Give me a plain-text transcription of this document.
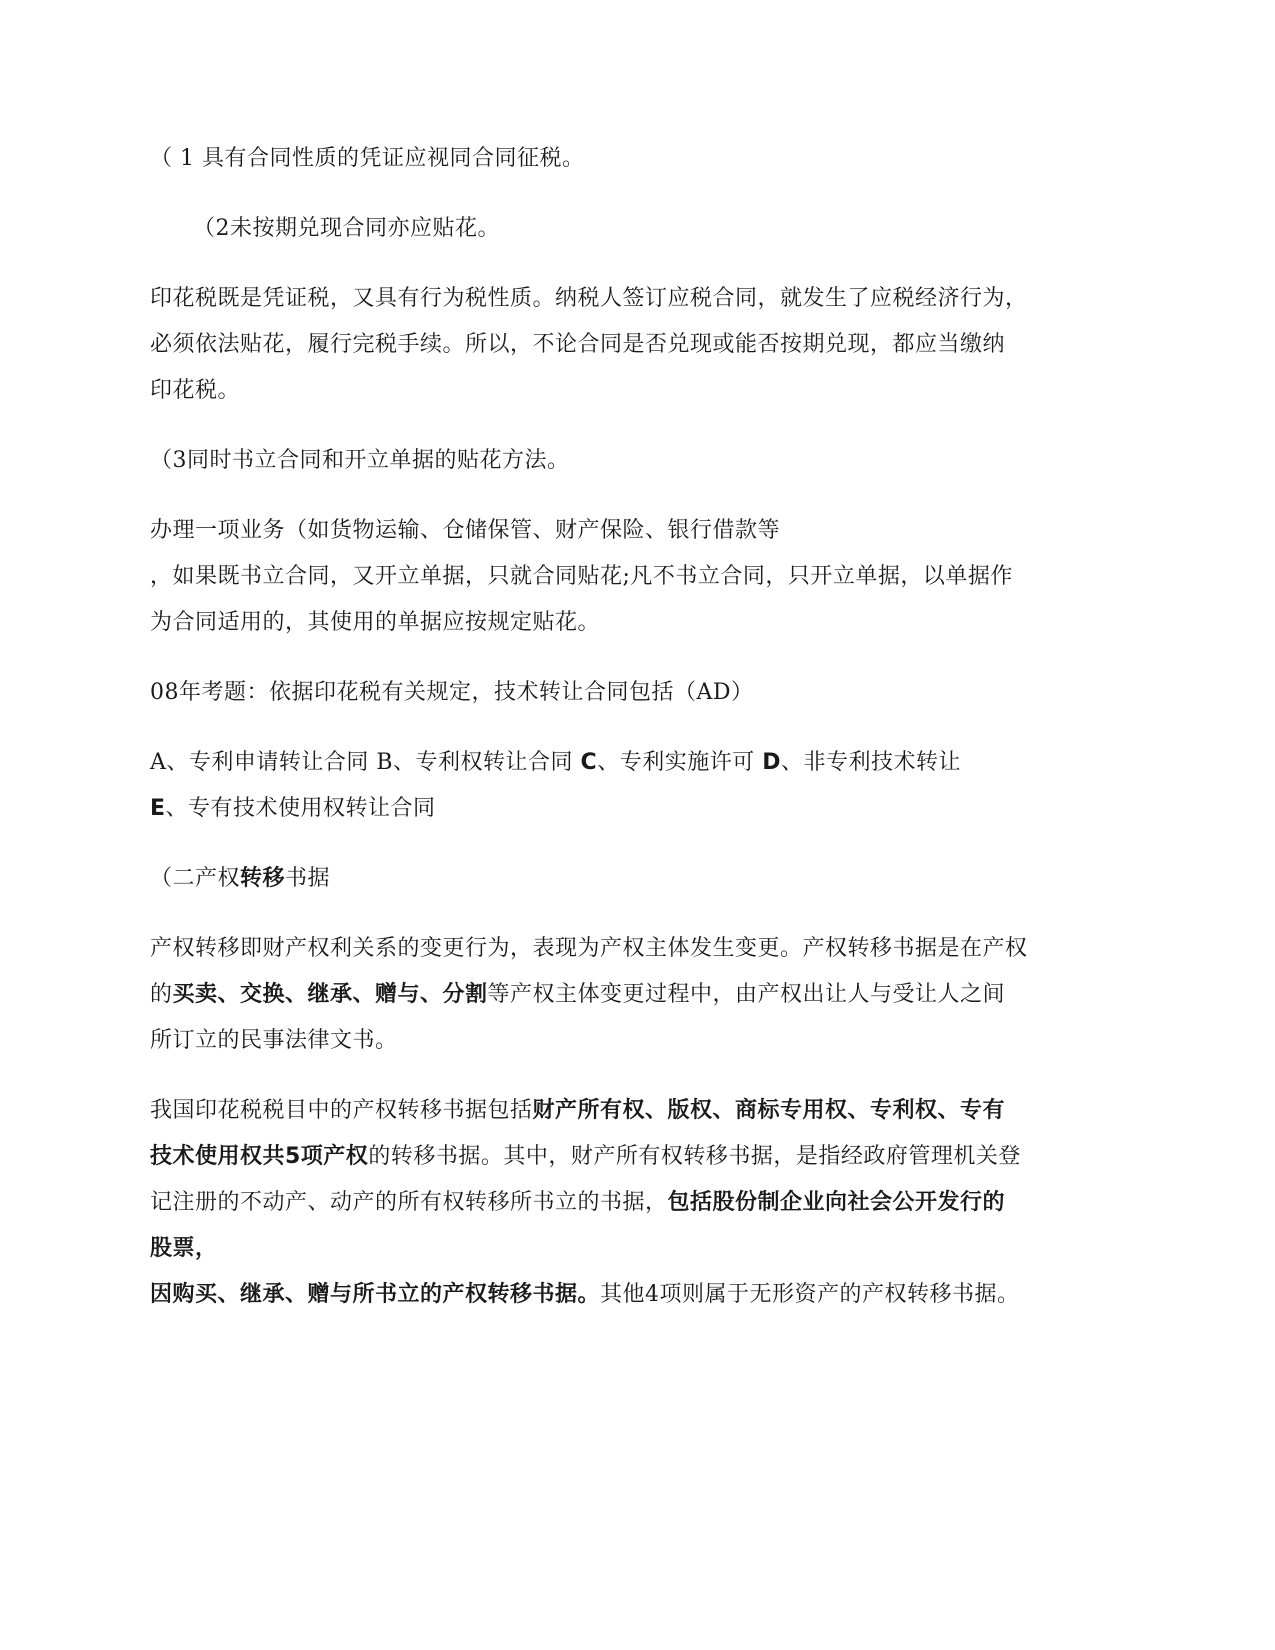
（ 1 具有合同性质的凭证应视同合同征税。
（2未按期兑现合同亦应贴花。
印花税既是凭证税，又具有行为税性质。纳税人签订应税合同，就发生了应税经济行为，
必须依法贴花，履行完税手续。所以，不论合同是否兑现或能否按期兑现，都应当缴纳
印花税。
（3同时书立合同和开立单据的贴花方法。
办理一项业务（如货物运输、仓储保管、财产保险、银行借款等
，如果既书立合同，又开立单据，只就合同贴花;凡不书立合同，只开立单据，以单据作
为合同适用的，其使用的单据应按规定贴花。
08年考题：依据印花税有关规定，技术转让合同包括（AD）
A、专利申请转让合同 B、专利权转让合同 C、专利实施许可 D、非专利技术转让
E、专有技术使用权转让合同
（二产权转移书据
产权转移即财产权利关系的变更行为，表现为产权主体发生变更。产权转移书据是在产权
的买卖、交换、继承、赠与、分割等产权主体变更过程中，由产权出让人与受让人之间
所订立的民事法律文书。
我国印花税税目中的产权转移书据包括财产所有权、版权、商标专用权、专利权、专有
技术使用权共5项产权的转移书据。其中，财产所有权转移书据，是指经政府管理机关登
记注册的不动产、动产的所有权转移所书立的书据，包括股份制企业向社会公开发行的
股票，
因购买、继承、赠与所书立的产权转移书据。其他4项则属于无形资产的产权转移书据。
